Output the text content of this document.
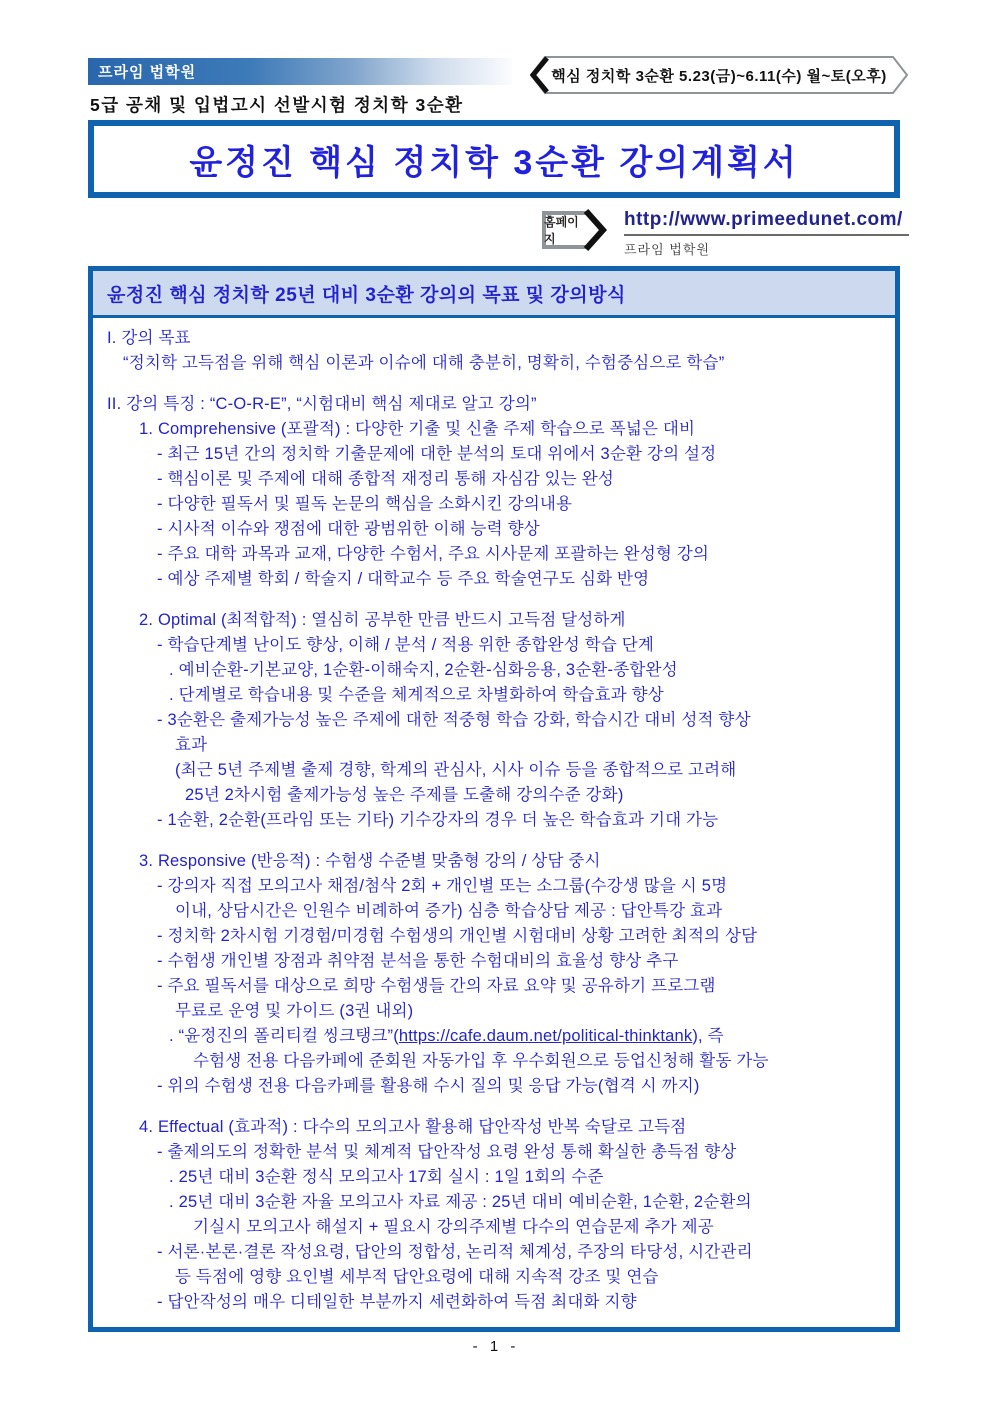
프라임 법학원
5급 공채 및 입법고시 선발시험 정치학 3순환
핵심 정치학 3순환 5.23(금)~6.11(수) 월~토(오후)
윤정진 핵심 정치학 3순환 강의계획서
홈페이지
http://www.primeedunet.com/
프라임 법학원
윤정진 핵심 정치학 25년 대비 3순환 강의의 목표 및 강의방식
I. 강의 목표
“정치학 고득점을 위해 핵심 이론과 이슈에 대해 충분히, 명확히, 수험중심으로 학습”
II. 강의 특징 : “C-O-R-E”, “시험대비 핵심 제대로 알고 강의”
1. Comprehensive (포괄적) : 다양한 기출 및 신출 주제 학습으로 폭넓은 대비
- 최근 15년 간의 정치학 기출문제에 대한 분석의 토대 위에서 3순환 강의 설정
- 핵심이론 및 주제에 대해 종합적 재정리 통해 자심감 있는 완성
- 다양한 필독서 및 필독 논문의 핵심을 소화시킨 강의내용
- 시사적 이슈와 쟁점에 대한 광범위한 이해 능력 향상
- 주요 대학 과목과 교재, 다양한 수험서, 주요 시사문제 포괄하는 완성형 강의
- 예상 주제별 학회 / 학술지 / 대학교수 등 주요 학술연구도 심화 반영
2. Optimal (최적합적) : 열심히 공부한 만큼 반드시 고득점 달성하게
- 학습단계별 난이도 향상, 이해 / 분석 / 적용 위한 종합완성 학습 단계
. 예비순환-기본교양, 1순환-이해숙지, 2순환-심화응용, 3순환-종합완성
. 단계별로 학습내용 및 수준을 체계적으로 차별화하여 학습효과 향상
- 3순환은 출제가능성 높은 주제에 대한 적중형 학습 강화, 학습시간 대비 성적 향상
효과
(최근 5년 주제별 출제 경향, 학계의 관심사, 시사 이슈 등을 종합적으로 고려해
25년 2차시험 출제가능성 높은 주제를 도출해 강의수준 강화)
- 1순환, 2순환(프라임 또는 기타) 기수강자의 경우 더 높은 학습효과 기대 가능
3. Responsive (반응적) : 수험생 수준별 맞춤형 강의 / 상담 중시
- 강의자 직접 모의고사 채점/첨삭 2회 + 개인별 또는 소그룹(수강생 많을 시 5명
이내, 상담시간은 인원수 비례하여 증가) 심층 학습상담 제공 : 답안특강 효과
- 정치학 2차시험 기경험/미경험 수험생의 개인별 시험대비 상황 고려한 최적의 상담
- 수험생 개인별 장점과 취약점 분석을 통한 수험대비의 효율성 향상 추구
- 주요 필독서를 대상으로 희망 수험생들 간의 자료 요약 및 공유하기 프로그램
무료로 운영 및 가이드 (3권 내외)
. “윤정진의 폴리티컬 씽크탱크”(https://cafe.daum.net/political-thinktank), 즉
수험생 전용 다음카페에 준회원 자동가입 후 우수회원으로 등업신청해 활동 가능
- 위의 수험생 전용 다음카페를 활용해 수시 질의 및 응답 가능(협격 시 까지)
4. Effectual (효과적) : 다수의 모의고사 활용해 답안작성 반복 숙달로 고득점
- 출제의도의 정확한 분석 및 체계적 답안작성 요령 완성 통해 확실한 총득점 향상
. 25년 대비 3순환 정식 모의고사 17회 실시 : 1일 1회의 수준
. 25년 대비 3순환 자율 모의고사 자료 제공 : 25년 대비 예비순환, 1순환, 2순환의
기실시 모의고사 해설지 + 필요시 강의주제별 다수의 연습문제 추가 제공
- 서론·본론·결론 작성요령, 답안의 정합성, 논리적 체계성, 주장의 타당성, 시간관리
등 득점에 영향 요인별 세부적 답안요령에 대해 지속적 강조 및 연습
- 답안작성의 매우 디테일한 부분까지 세련화하여 득점 최대화 지향
- 1 -
